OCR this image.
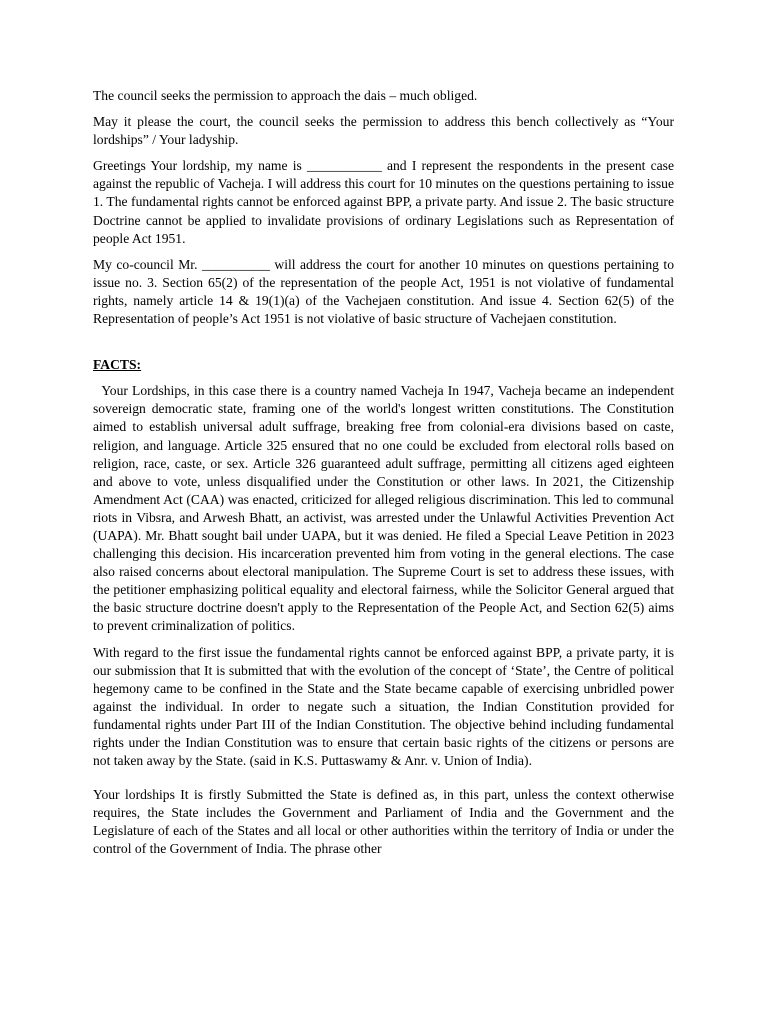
The council seeks the permission to approach the dais – much obliged.

May it please the court, the council seeks the permission to address this bench collectively as “Your lordships” / Your ladyship.

Greetings Your lordship, my name is ___________ and I represent the respondents in the present case against the republic of Vacheja. I will address this court for 10 minutes on the questions pertaining to issue 1. The fundamental rights cannot be enforced against BPP, a private party. And issue 2. The basic structure Doctrine cannot be applied to invalidate provisions of ordinary Legislations such as Representation of people Act 1951.

My co-council Mr. __________ will address the court for another 10 minutes on questions pertaining to issue no. 3. Section 65(2) of the representation of the people Act, 1951 is not violative of fundamental rights, namely article 14 & 19(1)(a) of the Vachejaen constitution. And issue 4. Section 62(5) of the Representation of people’s Act 1951 is not violative of basic structure of Vachejaen constitution.

FACTS:

Your Lordships, in this case there is a country named Vacheja In 1947, Vacheja became an independent sovereign democratic state, framing one of the world's longest written constitutions. The Constitution aimed to establish universal adult suffrage, breaking free from colonial-era divisions based on caste, religion, and language. Article 325 ensured that no one could be excluded from electoral rolls based on religion, race, caste, or sex. Article 326 guaranteed adult suffrage, permitting all citizens aged eighteen and above to vote, unless disqualified under the Constitution or other laws. In 2021, the Citizenship Amendment Act (CAA) was enacted, criticized for alleged religious discrimination. This led to communal riots in Vibsra, and Arwesh Bhatt, an activist, was arrested under the Unlawful Activities Prevention Act (UAPA). Mr. Bhatt sought bail under UAPA, but it was denied. He filed a Special Leave Petition in 2023 challenging this decision. His incarceration prevented him from voting in the general elections. The case also raised concerns about electoral manipulation. The Supreme Court is set to address these issues, with the petitioner emphasizing political equality and electoral fairness, while the Solicitor General argued that the basic structure doctrine doesn't apply to the Representation of the People Act, and Section 62(5) aims to prevent criminalization of politics.

With regard to the first issue the fundamental rights cannot be enforced against BPP, a private party, it is our submission that It is submitted that with the evolution of the concept of ‘State’, the Centre of political hegemony came to be confined in the State and the State became capable of exercising unbridled power against the individual. In order to negate such a situation, the Indian Constitution provided for fundamental rights under Part III of the Indian Constitution. The objective behind including fundamental rights under the Indian Constitution was to ensure that certain basic rights of the citizens or persons are not taken away by the State. (said in K.S. Puttaswamy & Anr. v. Union of India).

Your lordships It is firstly Submitted the State is defined as, in this part, unless the context otherwise requires, the State includes the Government and Parliament of India and the Government and the Legislature of each of the States and all local or other authorities within the territory of India or under the control of the Government of India. The phrase other
